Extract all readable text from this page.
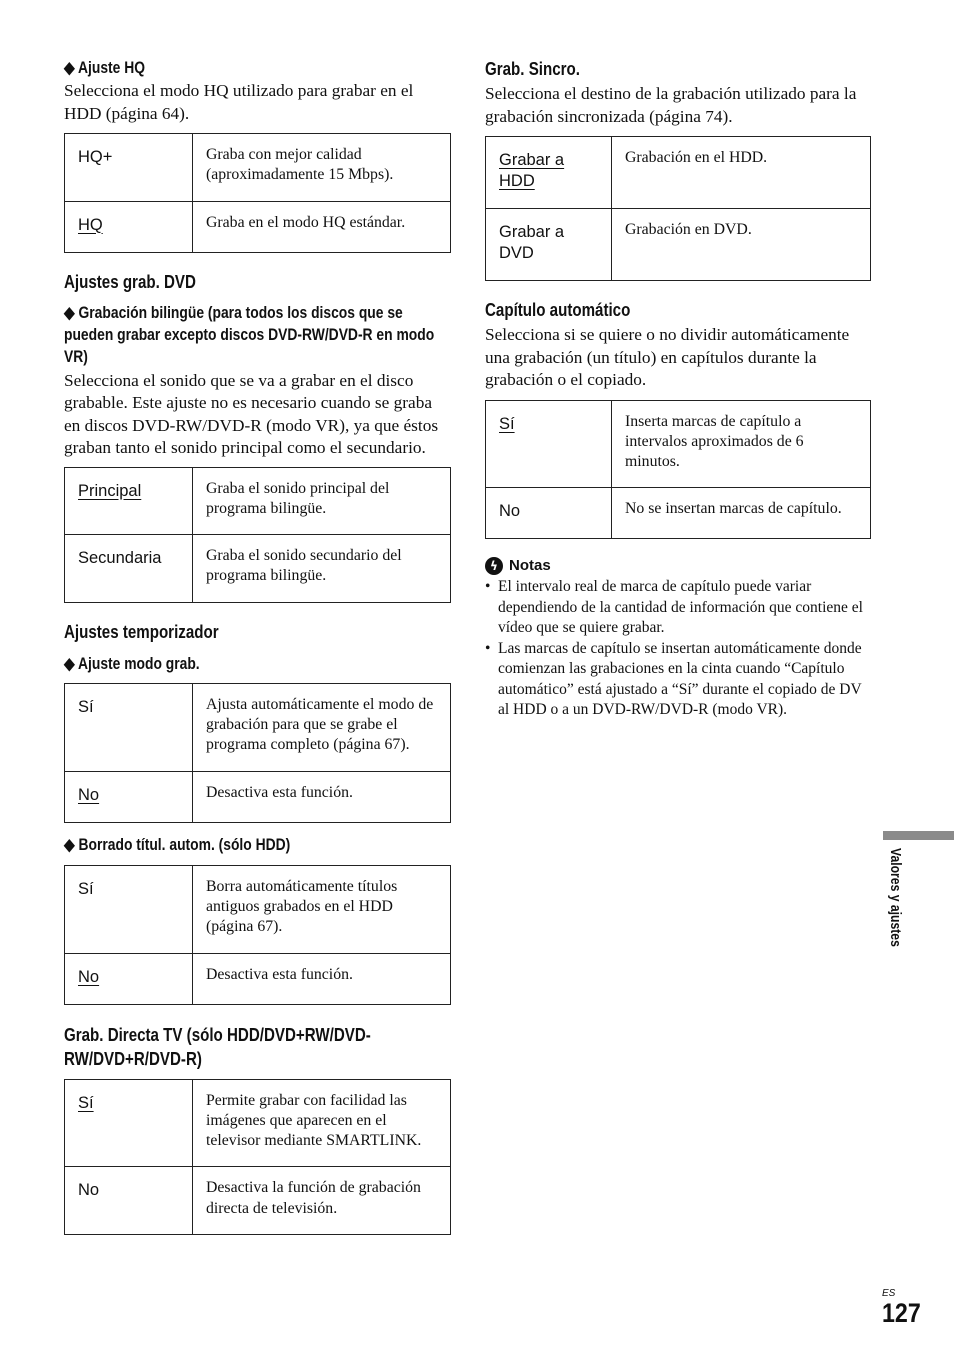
◆ Ajuste HQ

Selecciona el modo HQ utilizado para grabar en el HDD (página 64).

HQ+	Graba con mejor calidad (aproximadamente 15 Mbps).
HQ	Graba en el modo HQ estándar.
Ajustes grab. DVD
◆ Grabación bilingüe (para todos los discos que se pueden grabar excepto discos DVD-RW/DVD-R en modo VR)

Selecciona el sonido que se va a grabar en el disco grabable. Este ajuste no es necesario cuando se graba en discos DVD-RW/DVD-R (modo VR), ya que éstos graban tanto el sonido principal como el secundario.

Principal	Graba el sonido principal del programa bilingüe.
Secundaria	Graba el sonido secundario del programa bilingüe.
Ajustes temporizador
◆ Ajuste modo grab.
Sí	Ajusta automáticamente el modo de grabación para que se grabe el programa completo (página 67).
No	Desactiva esta función.
◆ Borrado títul. autom. (sólo HDD)
Sí	Borra automáticamente títulos antiguos grabados en el HDD (página 67).
No	Desactiva esta función.
Grab. Directa TV (sólo HDD/DVD+RW/DVD-RW/DVD+R/DVD-R)
Sí	Permite grabar con facilidad las imágenes que aparecen en el televisor mediante SMARTLINK.
No	Desactiva la función de grabación directa de televisión.
Grab. Sincro.

Selecciona el destino de la grabación utilizado para la grabación sincronizada (página 74).

Grabar a HDD	Grabación en el HDD.
Grabar a DVD	Grabación en DVD.
Capítulo automático

Selecciona si se quiere o no dividir automáticamente una grabación (un título) en capítulos durante la grabación o el copiado.

Sí	Inserta marcas de capítulo a intervalos aproximados de 6 minutos.
No	No se insertan marcas de capítulo.
ϟ Notas
• El intervalo real de marca de capítulo puede variar dependiendo de la cantidad de información que contiene el vídeo que se quiere grabar.
• Las marcas de capítulo se insertan automáticamente donde comienzan las grabaciones en la cinta cuando “Capítulo automático” está ajustado a “Sí” durante el copiado de DV al HDD o a un DVD-RW/DVD-R (modo VR).
Valores y ajustes
ES
127
